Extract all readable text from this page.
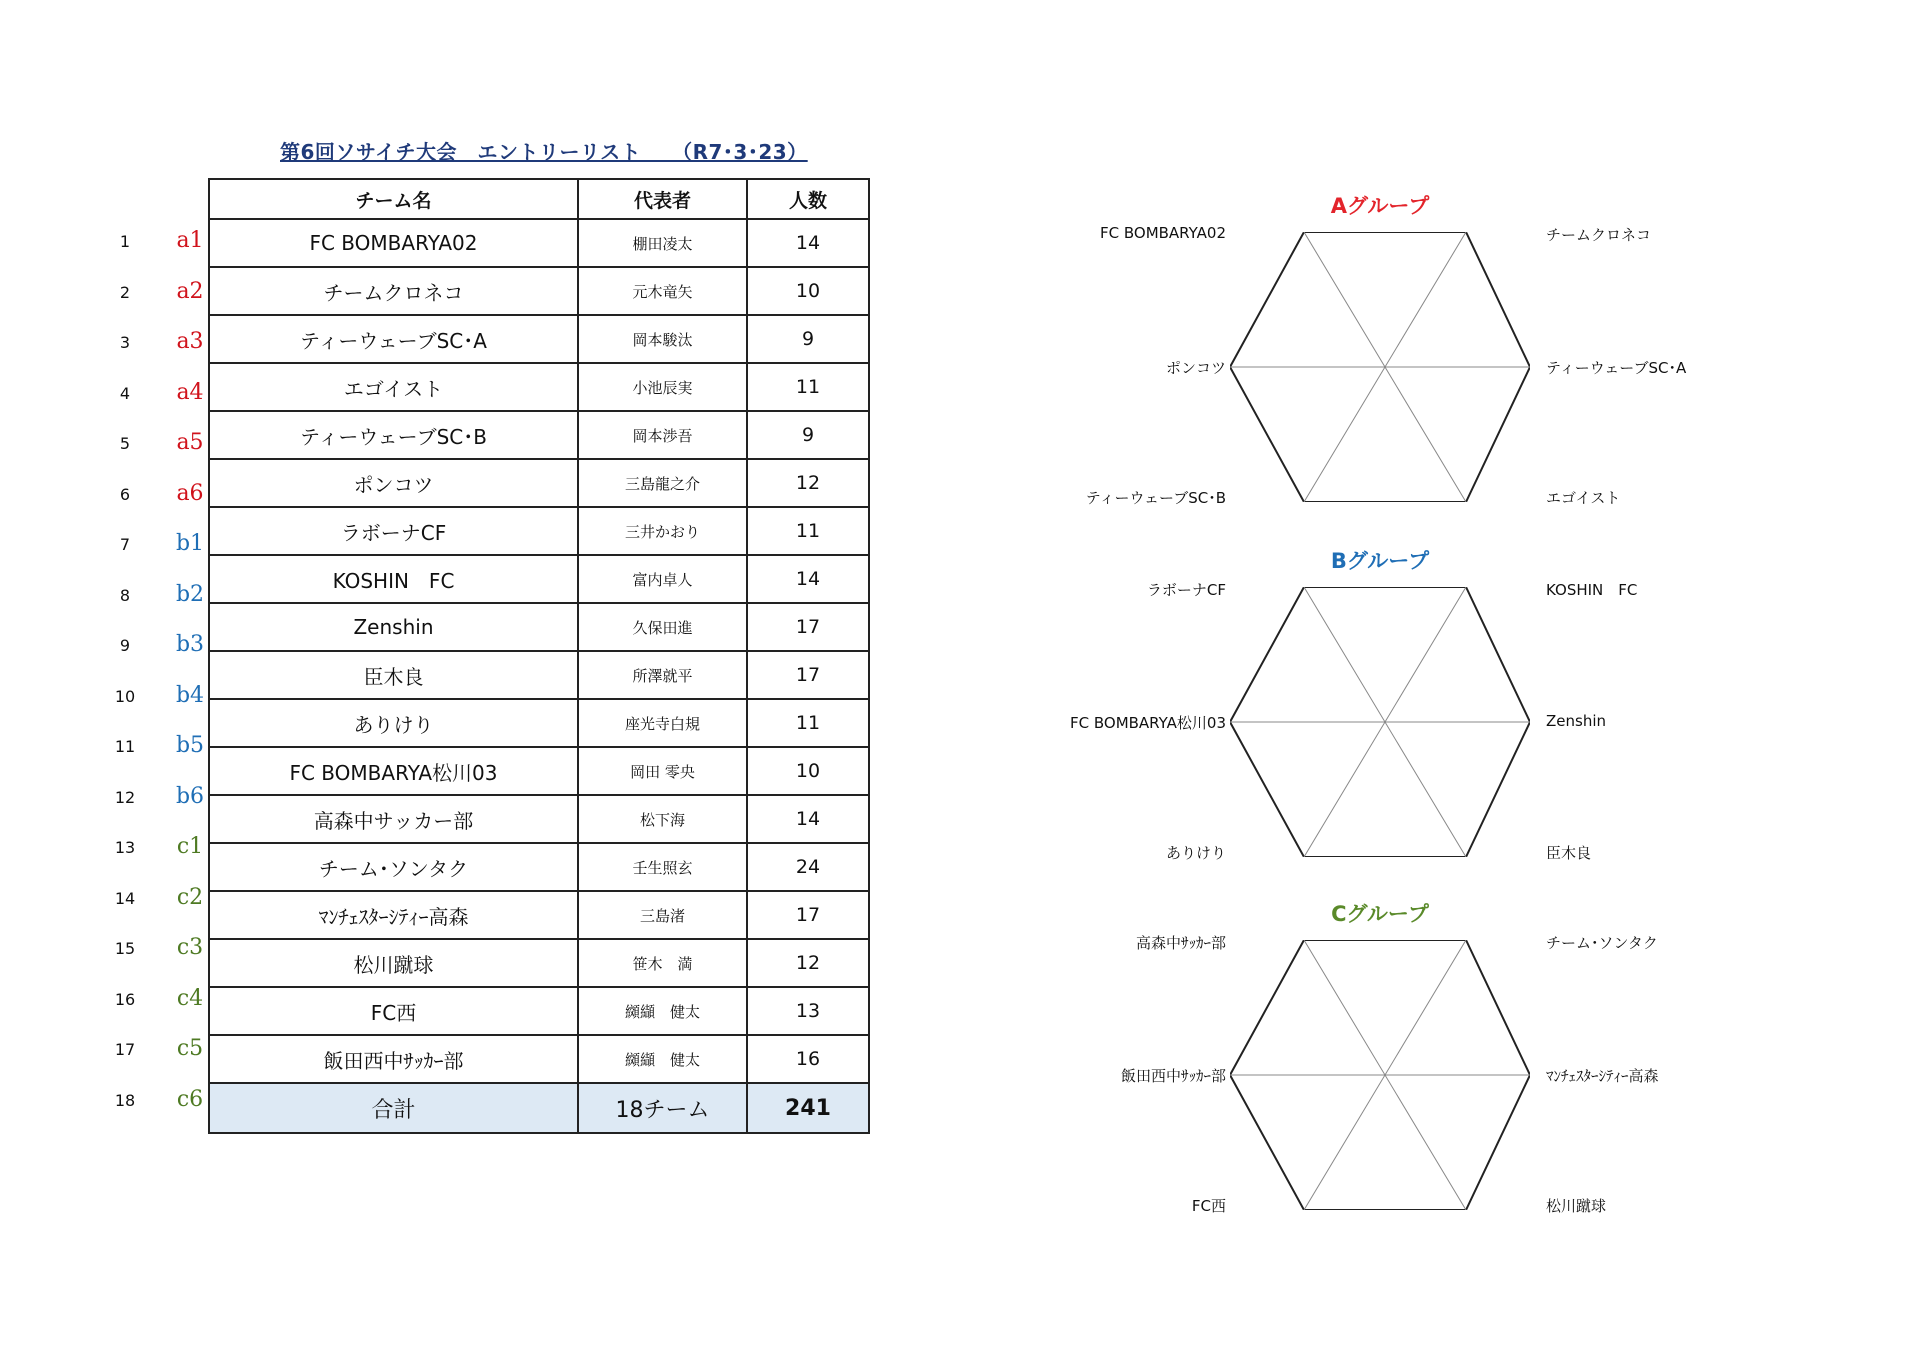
第6回ソサイチ大会　エントリーリスト　　（R7･3･23）
チーム名	代表者	人数
FC BOMBARYA02	棚田凌太	14
チームクロネコ	元木竜矢	10
ティーウェーブSC･A	岡本駿汰	9
エゴイスト	小池辰実	11
ティーウェーブSC･B	岡本渉吾	9
ポンコツ	三島龍之介	12
ラボーナCF	三井かおり	11
KOSHIN　FC	富内卓人	14
Zenshin	久保田進	17
臣木良	所澤就平	17
ありけり	座光寺白規	11
FC BOMBARYA松川03	岡田 零央	10
高森中サッカー部	松下海	14
チーム･ソンタク	壬生照玄	24
ﾏﾝﾁｪｽﾀｰｼﾃｨｰ高森	三島渚	17
松川蹴球	笹木　満	12
FC西	纐纈　健太	13
飯田西中ｻｯｶｰ部	纐纈　健太	16
合計	18チーム	241
1	a1
2	a2
3	a3
4	a4
5	a5
6	a6
7	b1
8	b2
9	b3
10	b4
11	b5
12	b6
13	c1
14	c2
15	c3
16	c4
17	c5
18	c6
Aグループ
FC BOMBARYA02	チームクロネコ
ポンコツ	ティーウェーブSC･A
ティーウェーブSC･B	エゴイスト
Bグループ
ラボーナCF	KOSHIN　FC
FC BOMBARYA松川03	Zenshin
ありけり	臣木良
Cグループ
高森中ｻｯｶｰ部	チーム･ソンタク
飯田西中ｻｯｶｰ部	ﾏﾝﾁｪｽﾀｰｼﾃｨｰ高森
FC西	松川蹴球
